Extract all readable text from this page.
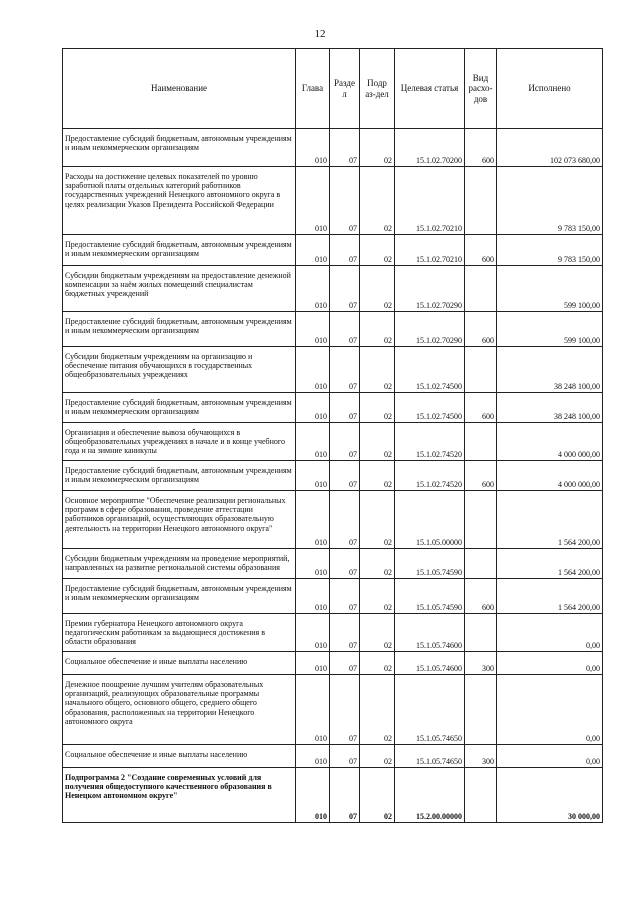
12
Наименование	Глава	Разде л	Подр аз-дел	Целевая статья	Вид расхо-дов	Исполнено

Предоставление субсидий бюджетным, автономным учреждениям и иным некоммерческим организациям	010	07	02	15.1.02.70200	600	102 073 680,00

Расходы на достижение целевых показателей по уровню заработной платы отдельных категорий работников государственных учреждений Ненецкого автономного округа в целях реализации Указов Президента Российской Федерации	010	07	02	15.1.02.70210		9 783 150,00

Предоставление субсидий бюджетным, автономным учреждениям и иным некоммерческим организациям	010	07	02	15.1.02.70210	600	9 783 150,00

Субсидии бюджетным учреждениям на предоставление денежной компенсации за наём жилых помещений специалистам бюджетных учреждений	010	07	02	15.1.02.70290		599 100,00

Предоставление субсидий бюджетным, автономным учреждениям и иным некоммерческим организациям	010	07	02	15.1.02.70290	600	599 100,00

Субсидии бюджетным учреждениям на организацию и обеспечение питания обучающихся в государственных общеобразовательных учреждениях	010	07	02	15.1.02.74500		38 248 100,00

Предоставление субсидий бюджетным, автономным учреждениям и иным некоммерческим организациям	010	07	02	15.1.02.74500	600	38 248 100,00

Организация и обеспечение вывоза обучающихся в общеобразовательных учреждениях в начале и в конце учебного года и на зимние каникулы	010	07	02	15.1.02.74520		4 000 000,00

Предоставление субсидий бюджетным, автономным учреждениям и иным некоммерческим организациям	010	07	02	15.1.02.74520	600	4 000 000,00

Основное мероприятие "Обеспечение реализации региональных программ в сфере образования, проведение аттестации работников организаций, осуществляющих образовательную деятельность на территории Ненецкого автономного округа"	010	07	02	15.1.05.00000		1 564 200,00

Субсидии бюджетным учреждениям на проведение мероприятий, направленных на развитие региональной системы образования	010	07	02	15.1.05.74590		1 564 200,00

Предоставление субсидий бюджетным, автономным учреждениям и иным некоммерческим организациям	010	07	02	15.1.05.74590	600	1 564 200,00

Премии губернатора Ненецкого автономного округа педагогическим работникам за выдающиеся достижения в области образования	010	07	02	15.1.05.74600		0,00

Социальное обеспечение и иные выплаты населению	010	07	02	15.1.05.74600	300	0,00

Денежное поощрение лучшим учителям образовательных организаций, реализующих образовательные программы начального общего, основного общего, среднего общего образования, расположенных на территории Ненецкого автономного округа	010	07	02	15.1.05.74650		0,00

Социальное обеспечение и иные выплаты населению	010	07	02	15.1.05.74650	300	0,00

Подпрограмма 2 "Создание современных условий для получения общедоступного качественного образования в Ненецком автономном округе"	010	07	02	15.2.00.00000		30 000,00
